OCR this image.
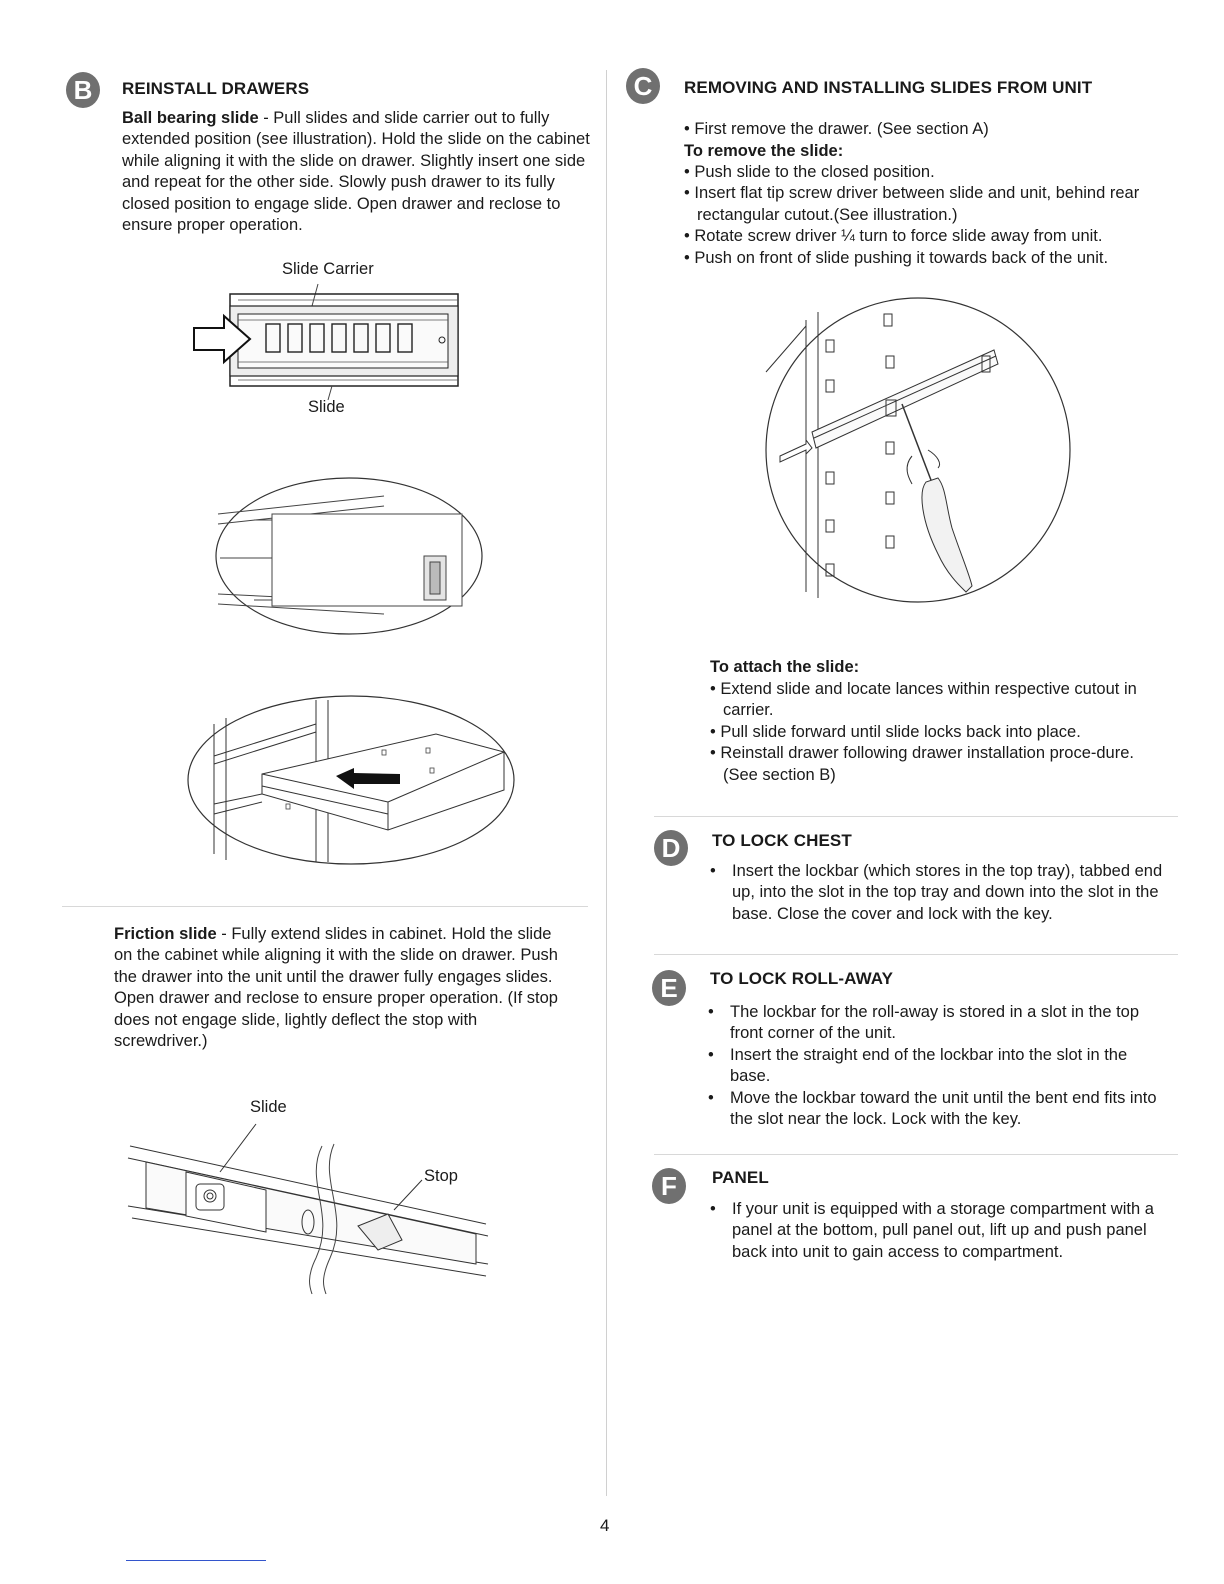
B	REINSTALL DRAWERS
Ball bearing slide - Pull slides and slide carrier out to fully extended position (see illustration). Hold the slide on the cabinet while aligning it with the slide on drawer. Slightly insert one side and repeat for the other side. Slowly push drawer to its fully closed position to engage slide. Open drawer and reclose to ensure proper operation.
Slide Carrier
Slide
Friction slide - Fully extend slides in cabinet. Hold the slide on the cabinet while aligning it with the slide on drawer. Push the drawer into the unit until the drawer fully engages slides. Open drawer and reclose to ensure proper operation. (If stop does not engage slide, lightly deflect the stop with screwdriver.)
Slide
Stop
C	REMOVING AND INSTALLING SLIDES FROM UNIT
• First remove the drawer. (See section A)
To remove the slide:
• Push slide to the closed position.
• Insert flat tip screw driver between slide and unit, behind rear rectangular cutout.(See illustration.)
• Rotate screw driver ¼ turn to force slide away from unit.
• Push on front of slide pushing it towards back of the unit.
To attach the slide:
• Extend slide and locate lances within respective cutout in carrier.
• Pull slide forward until slide locks back into place.
• Reinstall drawer following drawer installation proce-dure.(See section B)
D	TO LOCK CHEST
• Insert the lockbar (which stores in the top tray), tabbed end up, into the slot in the top tray and down into the slot in the base. Close the cover and lock with the key.
E	TO LOCK ROLL-AWAY
• The lockbar for the roll-away is stored in a slot in the top front corner of the unit.
• Insert the straight end of the lockbar into the slot in the base.
• Move the lockbar toward the unit until the bent end fits into the slot near the lock. Lock with the key.
F	PANEL
• If your unit is equipped with a storage compartment with a panel at the bottom, pull panel out, lift up and push panel back into unit to gain access to compartment.
4
